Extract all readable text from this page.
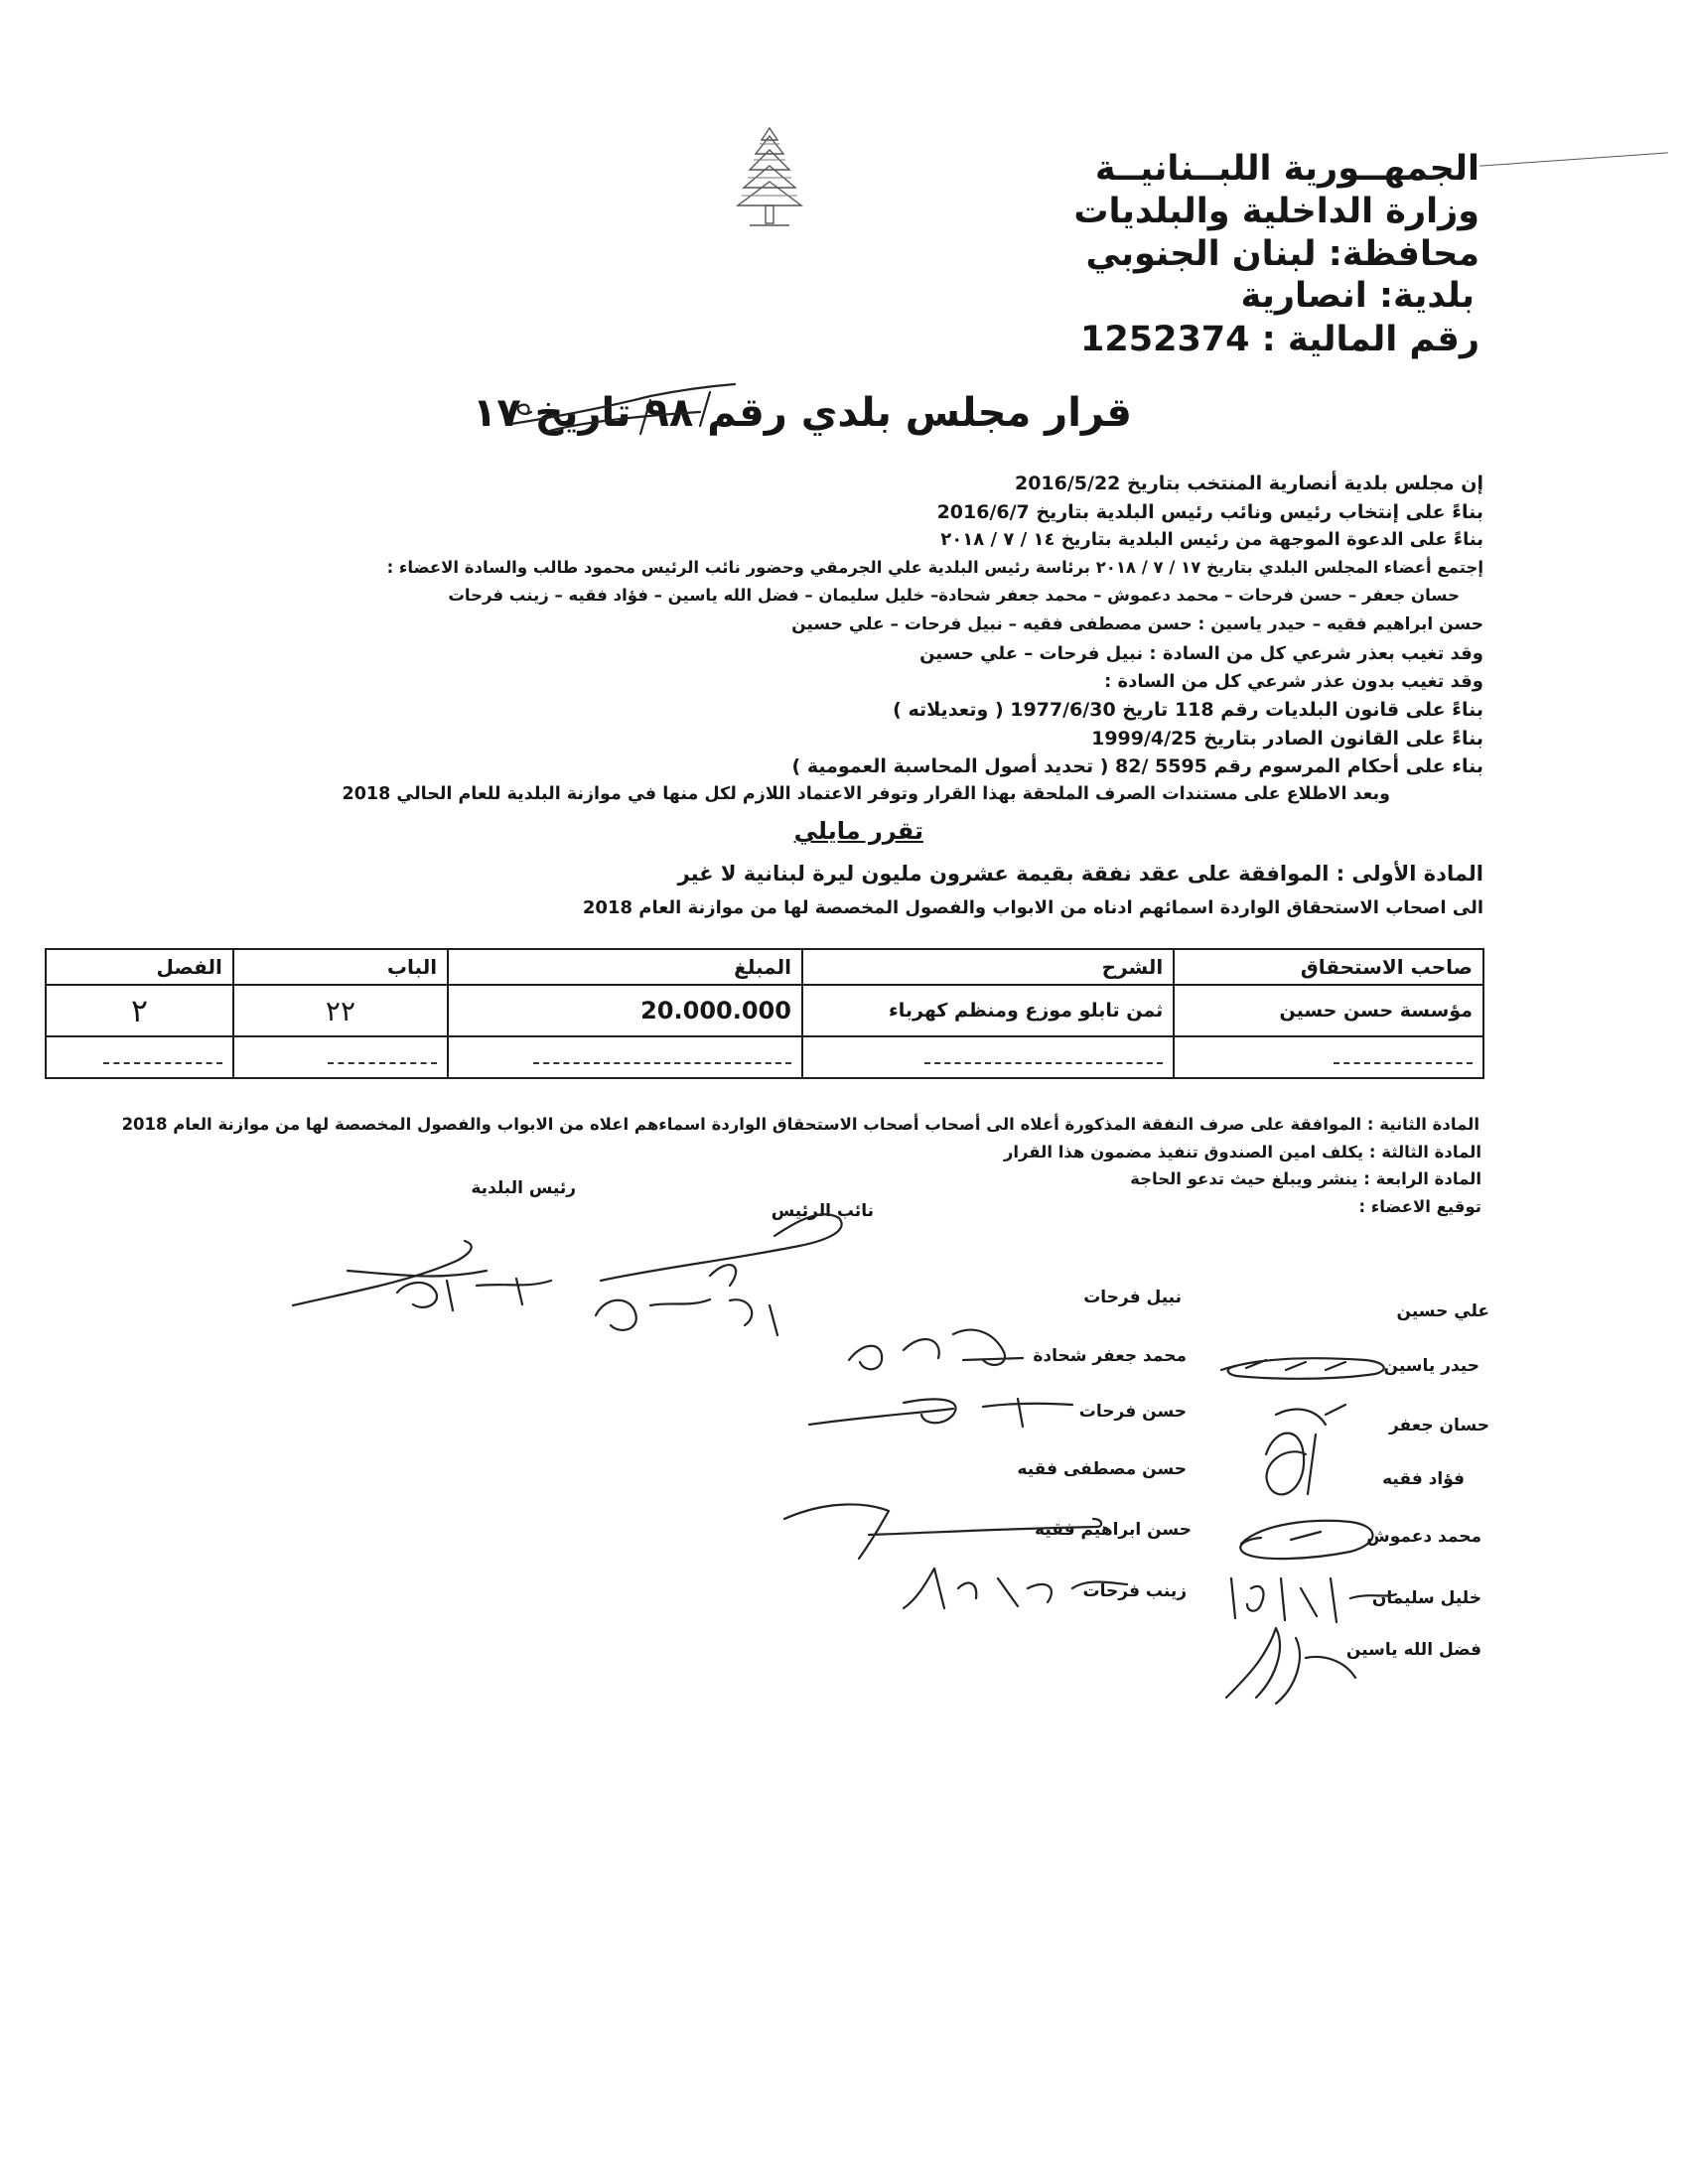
الجمهــورية اللبــنانيــة
وزارة الداخلية والبلديات
محافظة: لبنان الجنوبي
بلدية: انصارية
رقم المالية : 1252374
قرار مجلس بلدي رقم ٩٨ تاريخ ١٧
إن مجلس بلدية أنصارية المنتخب بتاريخ 2016/5/22
بناءً على إنتخاب رئيس ونائب رئيس البلدية بتاريخ 2016/6/7
بناءً على الدعوة الموجهة من رئيس البلدية بتاريخ ١٤ / ٧ / ٢٠١٨
إجتمع أعضاء المجلس البلدي بتاريخ ١٧ / ٧ / ٢٠١٨ برئاسة رئيس البلدية علي الجرمقي وحضور نائب الرئيس محمود طالب والسادة الاعضاء :
حسان جعفر – حسن فرحات – محمد دعموش – محمد جعفر شحادة– خليل سليمان – فضل الله ياسين – فؤاد فقيه – زينب فرحات
حسن ابراهيم فقيه – حيدر ياسين : حسن مصطفى فقيه – نبيل فرحات – علي حسين
وقد تغيب بعذر شرعي كل من السادة : نبيل فرحات – علي حسين
وقد تغيب بدون عذر شرعي كل من السادة :
بناءً على قانون البلديات رقم 118 تاريخ 1977/6/30 ( وتعديلاته )
بناءً على القانون الصادر بتاريخ 1999/4/25
بناء على أحكام المرسوم رقم 5595 /82 ( تحديد أصول المحاسبة العمومية )
وبعد الاطلاع على مستندات الصرف الملحقة بهذا القرار وتوفر الاعتماد اللازم لكل منها في موازنة البلدية للعام الحالي 2018
تقرر مايلي
المادة الأولى : الموافقة على عقد نفقة بقيمة عشرون مليون ليرة لبنانية لا غير
الى اصحاب الاستحقاق الواردة اسمائهم ادناه من الابواب والفصول المخصصة لها من موازنة العام 2018
صاحب الاستحقاق	الشرح	المبلغ	الباب	الفصل
مؤسسة حسن حسين	ثمن تابلو موزع ومنظم كهرباء	20.000.000	٢٢	٢

المادة الثانية : الموافقة على صرف النفقة المذكورة أعلاه الى أصحاب أصحاب الاستحقاق الواردة اسماءهم اعلاه من الابواب والفصول المخصصة لها من موازنة العام 2018
المادة الثالثة : يكلف امين الصندوق تنفيذ مضمون هذا القرار
المادة الرابعة : ينشر ويبلغ حيث تدعو الحاجة
توقيع الاعضاء :
رئيس البلدية
نائب الرئيس
علي حسين
حيدر ياسين
حسان جعفر
فؤاد فقيه
محمد دعموش
خليل سليمان
فضل الله ياسين
نبيل فرحات
محمد جعفر شحادة
حسن فرحات
حسن مصطفى فقيه
حسن ابراهيم فقيه
زينب فرحات
